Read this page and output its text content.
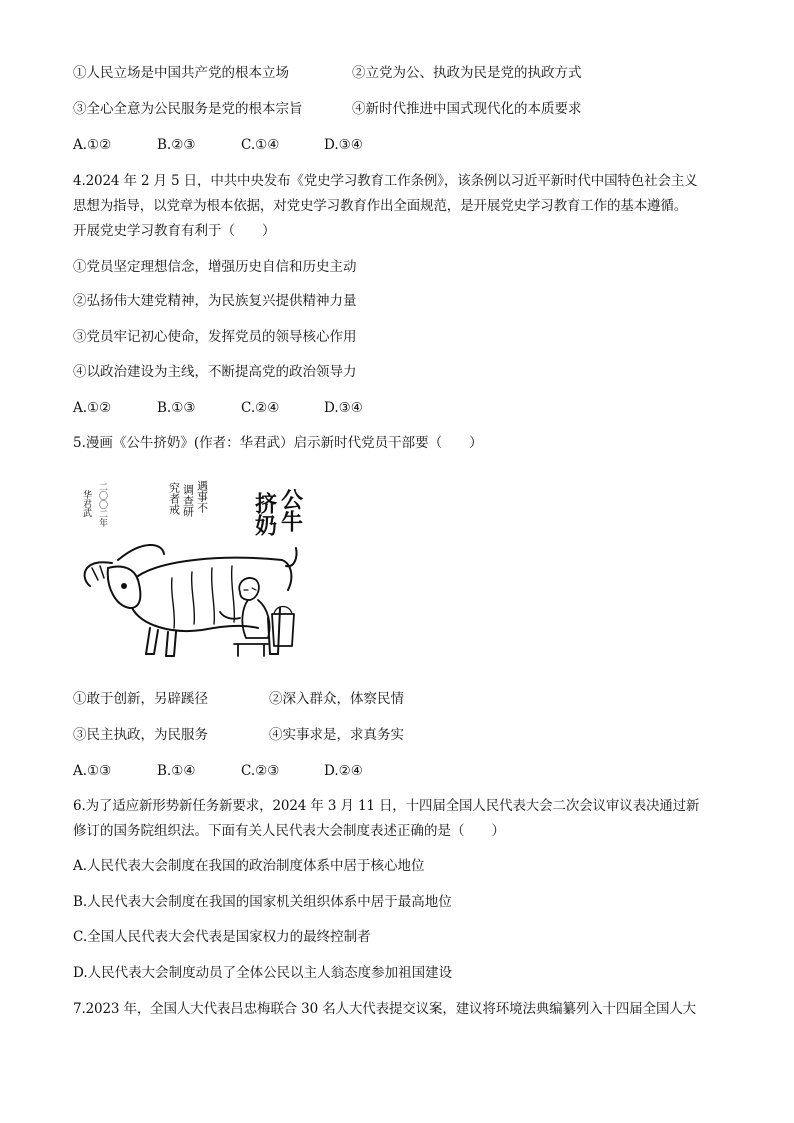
①人民立场是中国共产党的根本立场	②立党为公、执政为民是党的执政方式
③全心全意为公民服务是党的根本宗旨	④新时代推进中国式现代化的本质要求
A.①②	B.②③	C.①④	D.③④
4.2024 年 2 月 5 日，中共中央发布《党史学习教育工作条例》，该条例以习近平新时代中国特色社会主义
思想为指导，以党章为根本依据，对党史学习教育作出全面规范，是开展党史学习教育工作的基本遵循。
开展党史学习教育有利于（　　）
①党员坚定理想信念，增强历史自信和历史主动
②弘扬伟大建党精神，为民族复兴提供精神力量
③党员牢记初心使命，发挥党员的领导核心作用
④以政治建设为主线，不断提高党的政治领导力
A.①②	B.①③	C.②④	D.③④
5.漫画《公牛挤奶》(作者：华君武）启示新时代党员干部要（　　）
公牛
挤奶
遇事不
调查研
究者戒
二〇〇二年
华君武
①敢于创新，另辟蹊径	②深入群众，体察民情
③民主执政，为民服务	④实事求是，求真务实
A.①③	B.①④	C.②③	D.②④
6.为了适应新形势新任务新要求，2024 年 3 月 11 日，十四届全国人民代表大会二次会议审议表决通过新
修订的国务院组织法。下面有关人民代表大会制度表述正确的是（　　）
A.人民代表大会制度在我国的政治制度体系中居于核心地位
B.人民代表大会制度在我国的国家机关组织体系中居于最高地位
C.全国人民代表大会代表是国家权力的最终控制者
D.人民代表大会制度动员了全体公民以主人翁态度参加祖国建设
7.2023 年，全国人大代表吕忠梅联合 30 名人大代表提交议案，建议将环境法典编纂列入十四届全国人大
